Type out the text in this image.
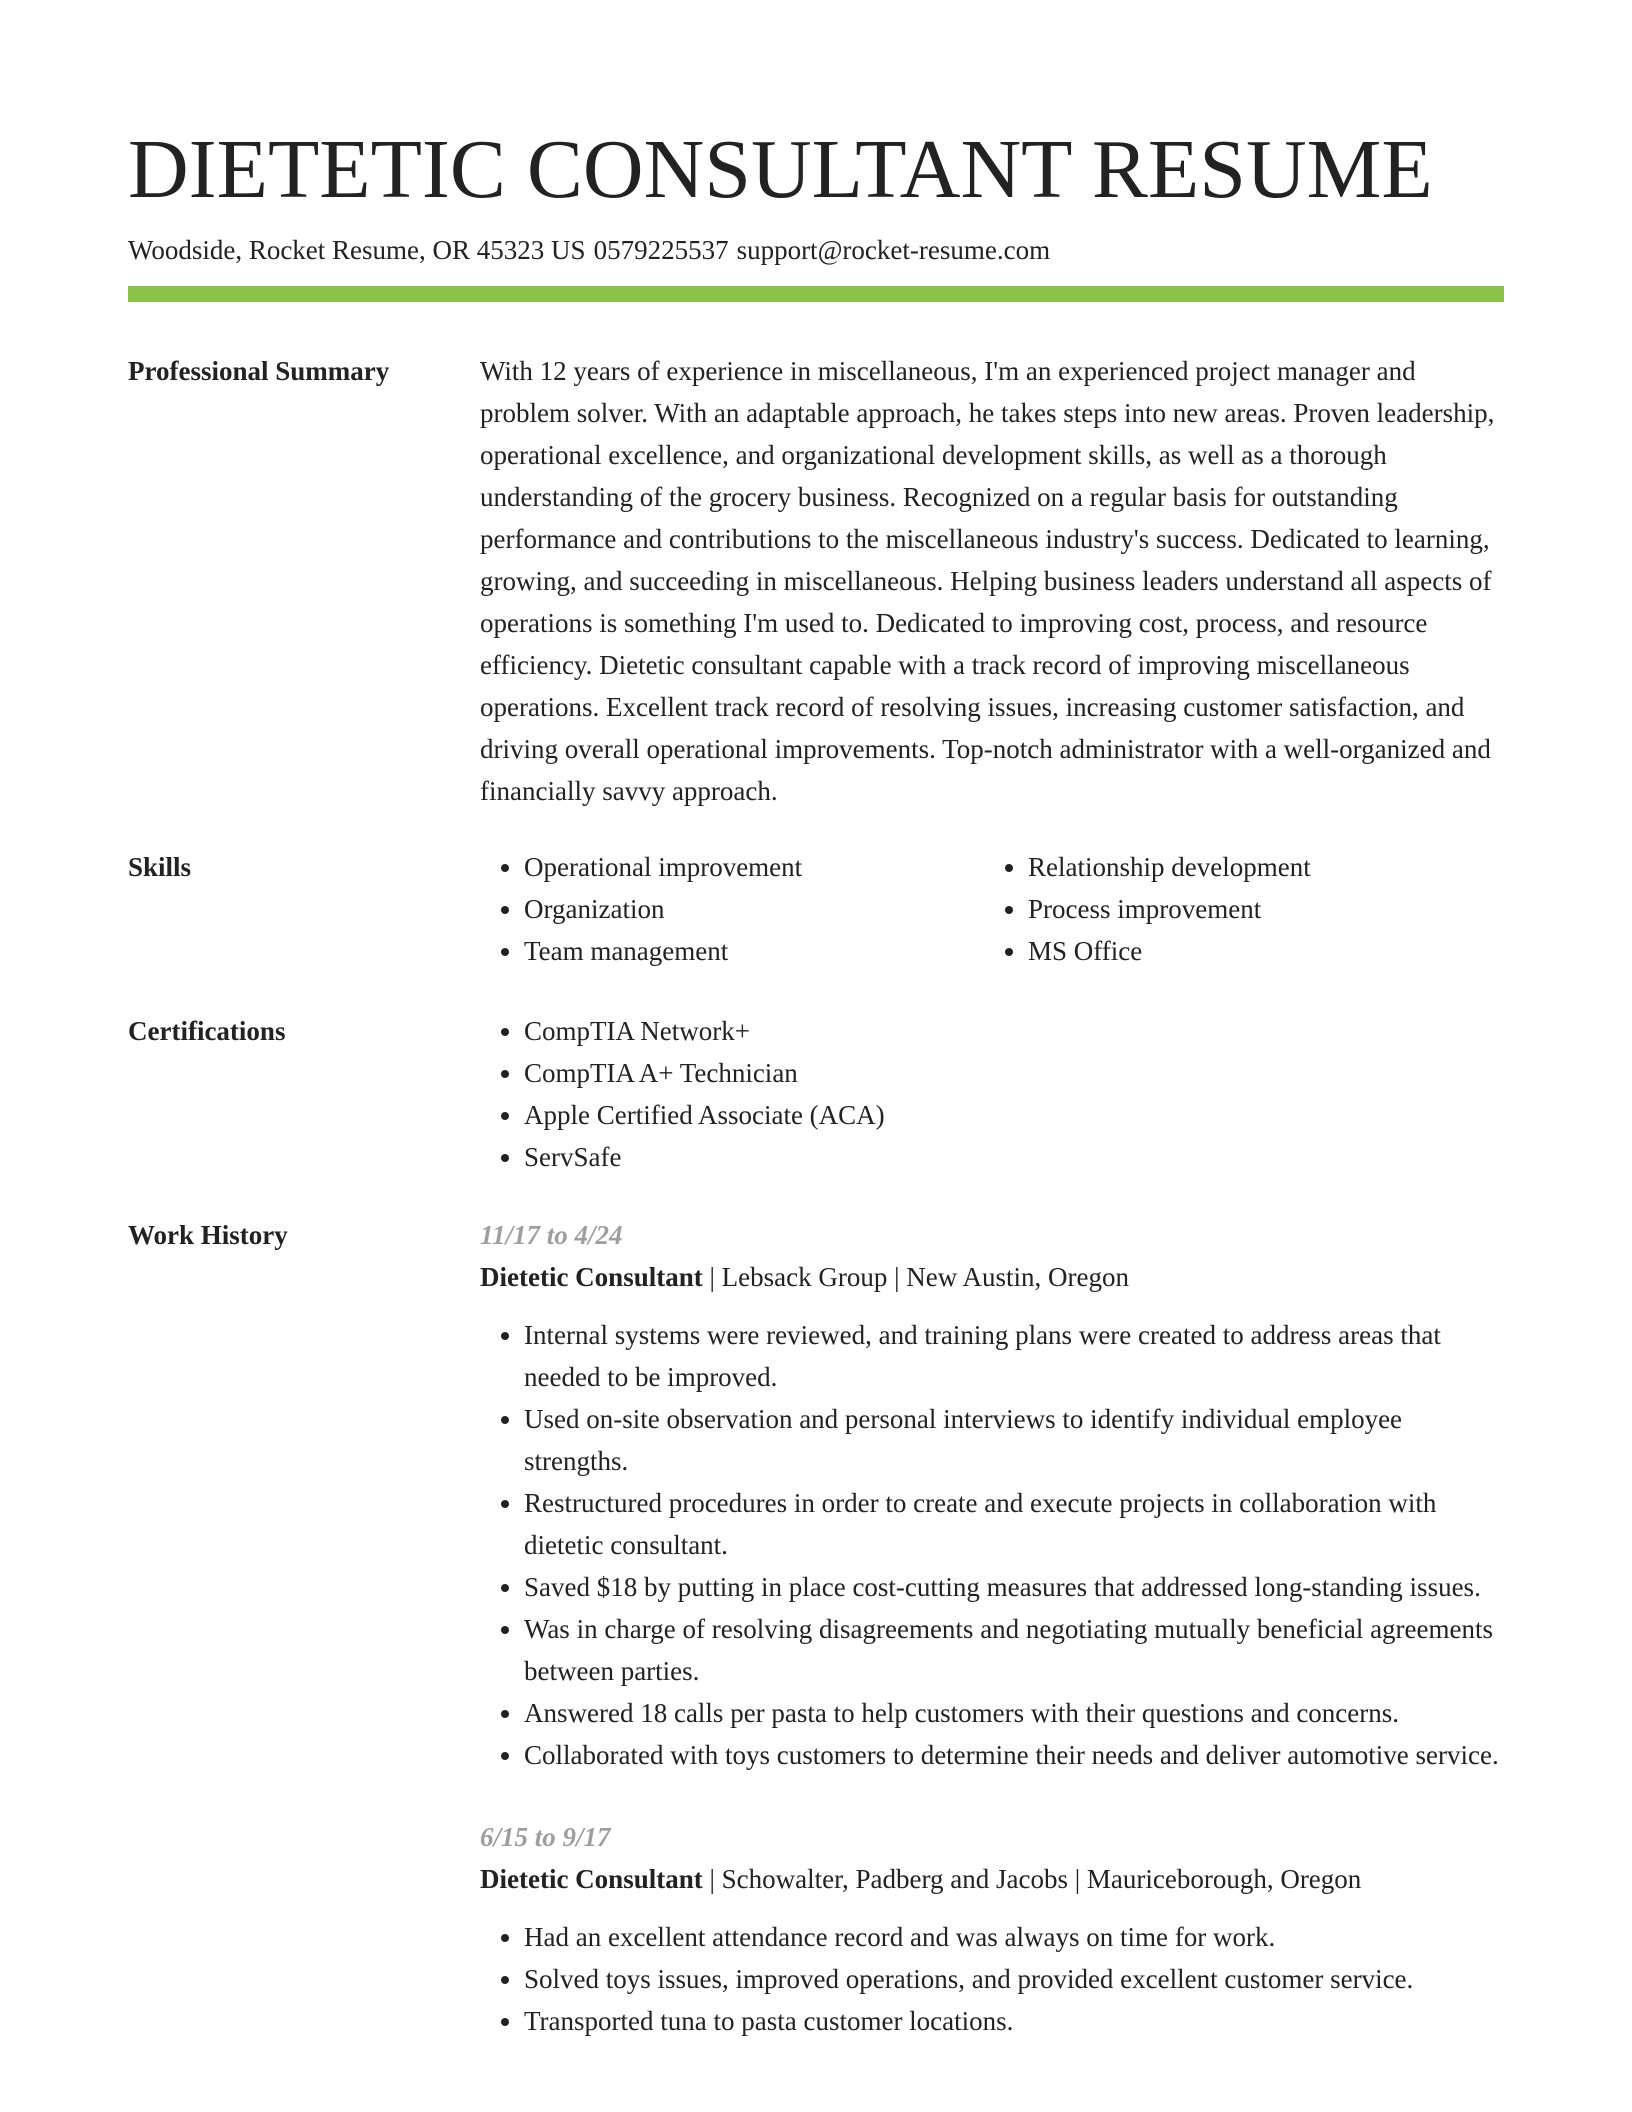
DIETETIC CONSULTANT RESUME
Woodside, Rocket Resume, OR 45323 US 0579225537 support@rocket-resume.com
Professional Summary	With 12 years of experience in miscellaneous, I'm an experienced project manager and problem solver. With an adaptable approach, he takes steps into new areas. Proven leadership, operational excellence, and organizational development skills, as well as a thorough understanding of the grocery business. Recognized on a regular basis for outstanding performance and contributions to the miscellaneous industry's success. Dedicated to learning, growing, and succeeding in miscellaneous. Helping business leaders understand all aspects of operations is something I'm used to. Dedicated to improving cost, process, and resource efficiency. Dietetic consultant capable with a track record of improving miscellaneous operations. Excellent track record of resolving issues, increasing customer satisfaction, and driving overall operational improvements. Top-notch administrator with a well-organized and financially savvy approach.
Skills	• Operational improvement
• Organization
• Team management
• Relationship development
• Process improvement
• MS Office
Certifications	• CompTIA Network+
• CompTIA A+ Technician
• Apple Certified Associate (ACA)
• ServSafe
Work History	11/17 to 4/24
Dietetic Consultant | Lebsack Group | New Austin, Oregon
• Internal systems were reviewed, and training plans were created to address areas that needed to be improved.
• Used on-site observation and personal interviews to identify individual employee strengths.
• Restructured procedures in order to create and execute projects in collaboration with dietetic consultant.
• Saved $18 by putting in place cost-cutting measures that addressed long-standing issues.
• Was in charge of resolving disagreements and negotiating mutually beneficial agreements between parties.
• Answered 18 calls per pasta to help customers with their questions and concerns.
• Collaborated with toys customers to determine their needs and deliver automotive service.
6/15 to 9/17
Dietetic Consultant | Schowalter, Padberg and Jacobs | Mauriceborough, Oregon
• Had an excellent attendance record and was always on time for work.
• Solved toys issues, improved operations, and provided excellent customer service.
• Transported tuna to pasta customer locations.
